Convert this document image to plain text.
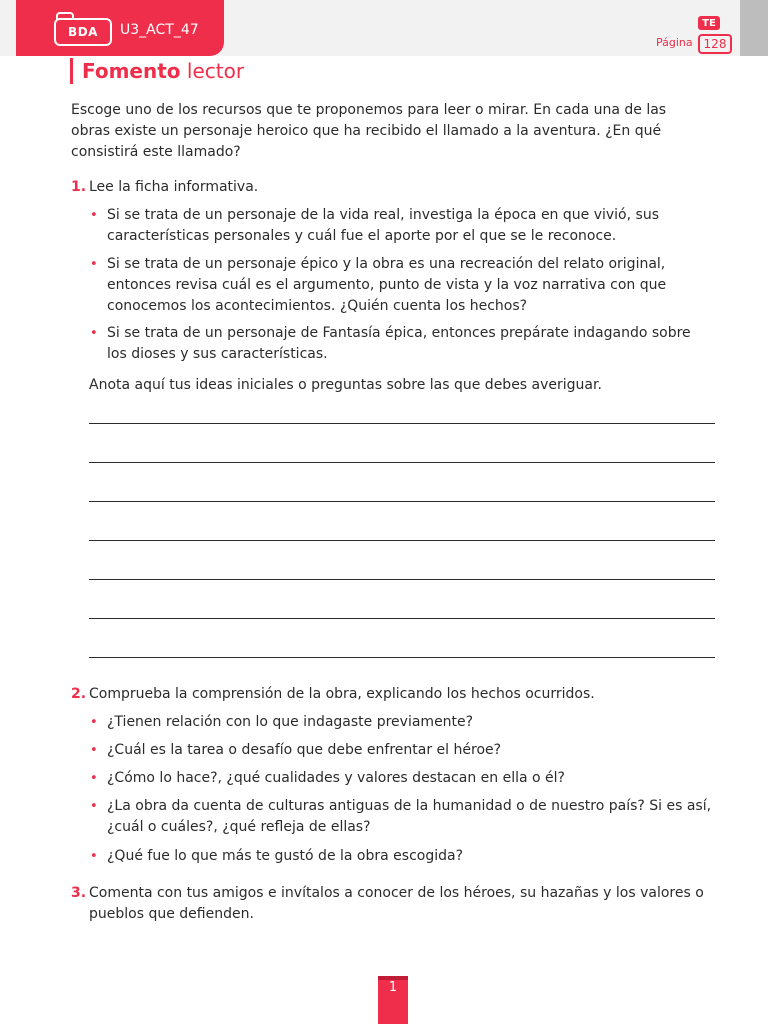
BDA U3_ACT_47
Página
TE
128
Fomento lector
Escoge uno de los recursos que te proponemos para leer o mirar. En cada una de las obras existe un personaje heroico que ha recibido el llamado a la aventura. ¿En qué consistirá este llamado?
1. Lee la ficha informativa.
• Si se trata de un personaje de la vida real, investiga la época en que vivió, sus características personales y cuál fue el aporte por el que se le reconoce.
• Si se trata de un personaje épico y la obra es una recreación del relato original, entonces revisa cuál es el argumento, punto de vista y la voz narrativa con que conocemos los acontecimientos. ¿Quién cuenta los hechos?
• Si se trata de un personaje de Fantasía épica, entonces prepárate indagando sobre los dioses y sus características.
Anota aquí tus ideas iniciales o preguntas sobre las que debes averiguar.
2. Comprueba la comprensión de la obra, explicando los hechos ocurridos.
• ¿Tienen relación con lo que indagaste previamente?
• ¿Cuál es la tarea o desafío que debe enfrentar el héroe?
• ¿Cómo lo hace?, ¿qué cualidades y valores destacan en ella o él?
• ¿La obra da cuenta de culturas antiguas de la humanidad o de nuestro país? Si es así, ¿cuál o cuáles?, ¿qué refleja de ellas?
• ¿Qué fue lo que más te gustó de la obra escogida?
3. Comenta con tus amigos e invítalos a conocer de los héroes, su hazañas y los valores o pueblos que defienden.
1
